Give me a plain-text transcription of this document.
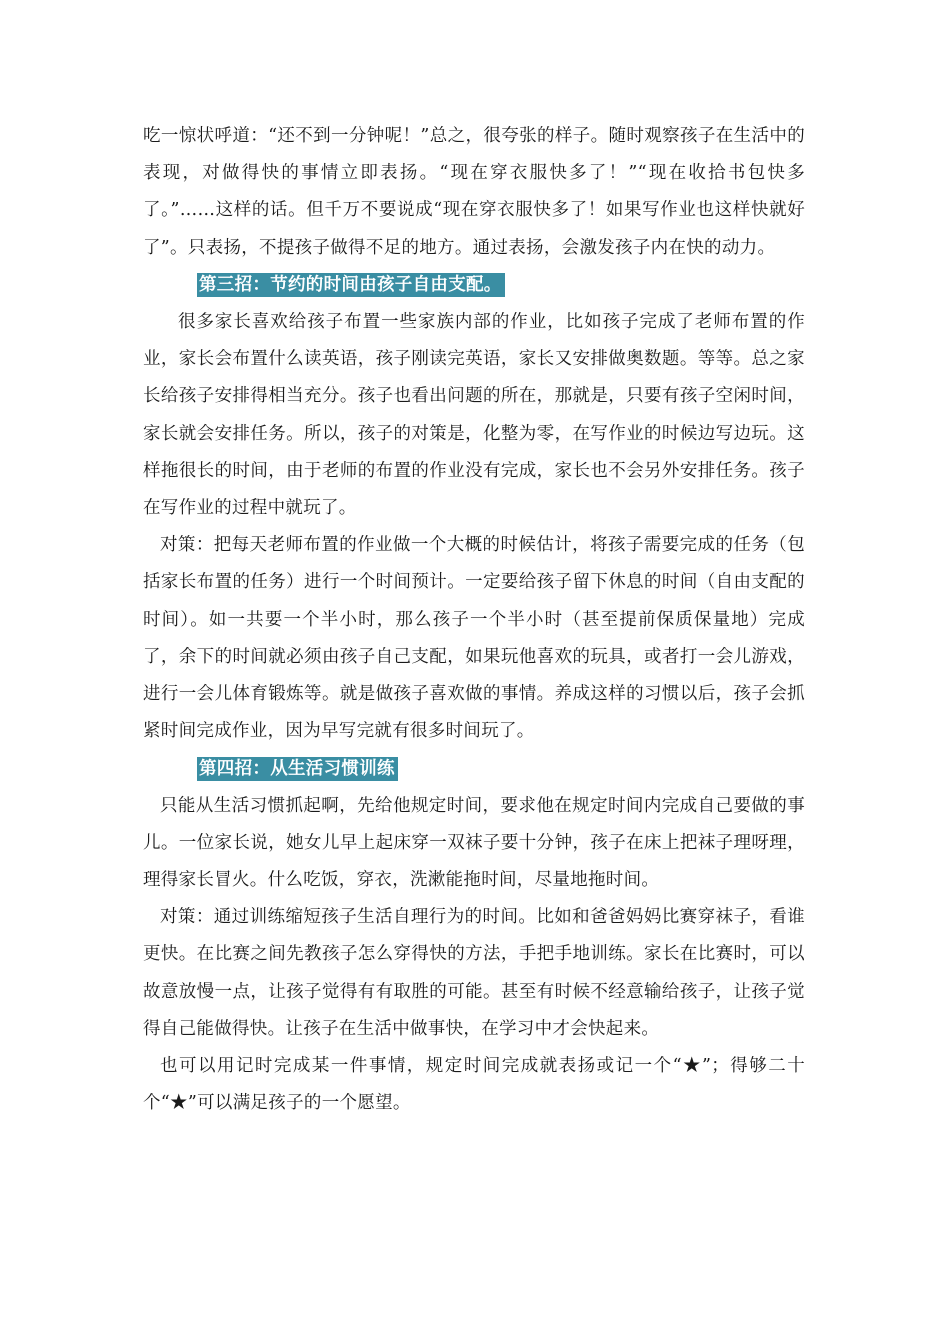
吃一惊状呼道：“还不到一分钟呢！”总之，很夸张的样子。随时观察孩子在生活中的表现，对做得快的事情立即表扬。“现在穿衣服快多了！”“现在收拾书包快多了。”……这样的话。但千万不要说成“现在穿衣服快多了！如果写作业也这样快就好了”。只表扬，不提孩子做得不足的地方。通过表扬，会激发孩子内在快的动力。

第三招：节约的时间由孩子自由支配。

很多家长喜欢给孩子布置一些家族内部的作业，比如孩子完成了老师布置的作业，家长会布置什么读英语，孩子刚读完英语，家长又安排做奥数题。等等。总之家长给孩子安排得相当充分。孩子也看出问题的所在，那就是，只要有孩子空闲时间，家长就会安排任务。所以，孩子的对策是，化整为零，在写作业的时候边写边玩。这样拖很长的时间，由于老师的布置的作业没有完成，家长也不会另外安排任务。孩子在写作业的过程中就玩了。

对策：把每天老师布置的作业做一个大概的时候估计，将孩子需要完成的任务（包括家长布置的任务）进行一个时间预计。一定要给孩子留下休息的时间（自由支配的时间）。如一共要一个半小时，那么孩子一个半小时（甚至提前保质保量地）完成了，余下的时间就必须由孩子自己支配，如果玩他喜欢的玩具，或者打一会儿游戏，进行一会儿体育锻炼等。就是做孩子喜欢做的事情。养成这样的习惯以后，孩子会抓紧时间完成作业，因为早写完就有很多时间玩了。

第四招：从生活习惯训练

只能从生活习惯抓起啊，先给他规定时间，要求他在规定时间内完成自己要做的事儿。一位家长说，她女儿早上起床穿一双袜子要十分钟，孩子在床上把袜子理呀理，理得家长冒火。什么吃饭，穿衣，洗漱能拖时间，尽量地拖时间。

对策：通过训练缩短孩子生活自理行为的时间。比如和爸爸妈妈比赛穿袜子，看谁更快。在比赛之间先教孩子怎么穿得快的方法，手把手地训练。家长在比赛时，可以故意放慢一点，让孩子觉得有有取胜的可能。甚至有时候不经意输给孩子，让孩子觉得自己能做得快。让孩子在生活中做事快，在学习中才会快起来。

也可以用记时完成某一件事情，规定时间完成就表扬或记一个“★”；得够二十个“★”可以满足孩子的一个愿望。
